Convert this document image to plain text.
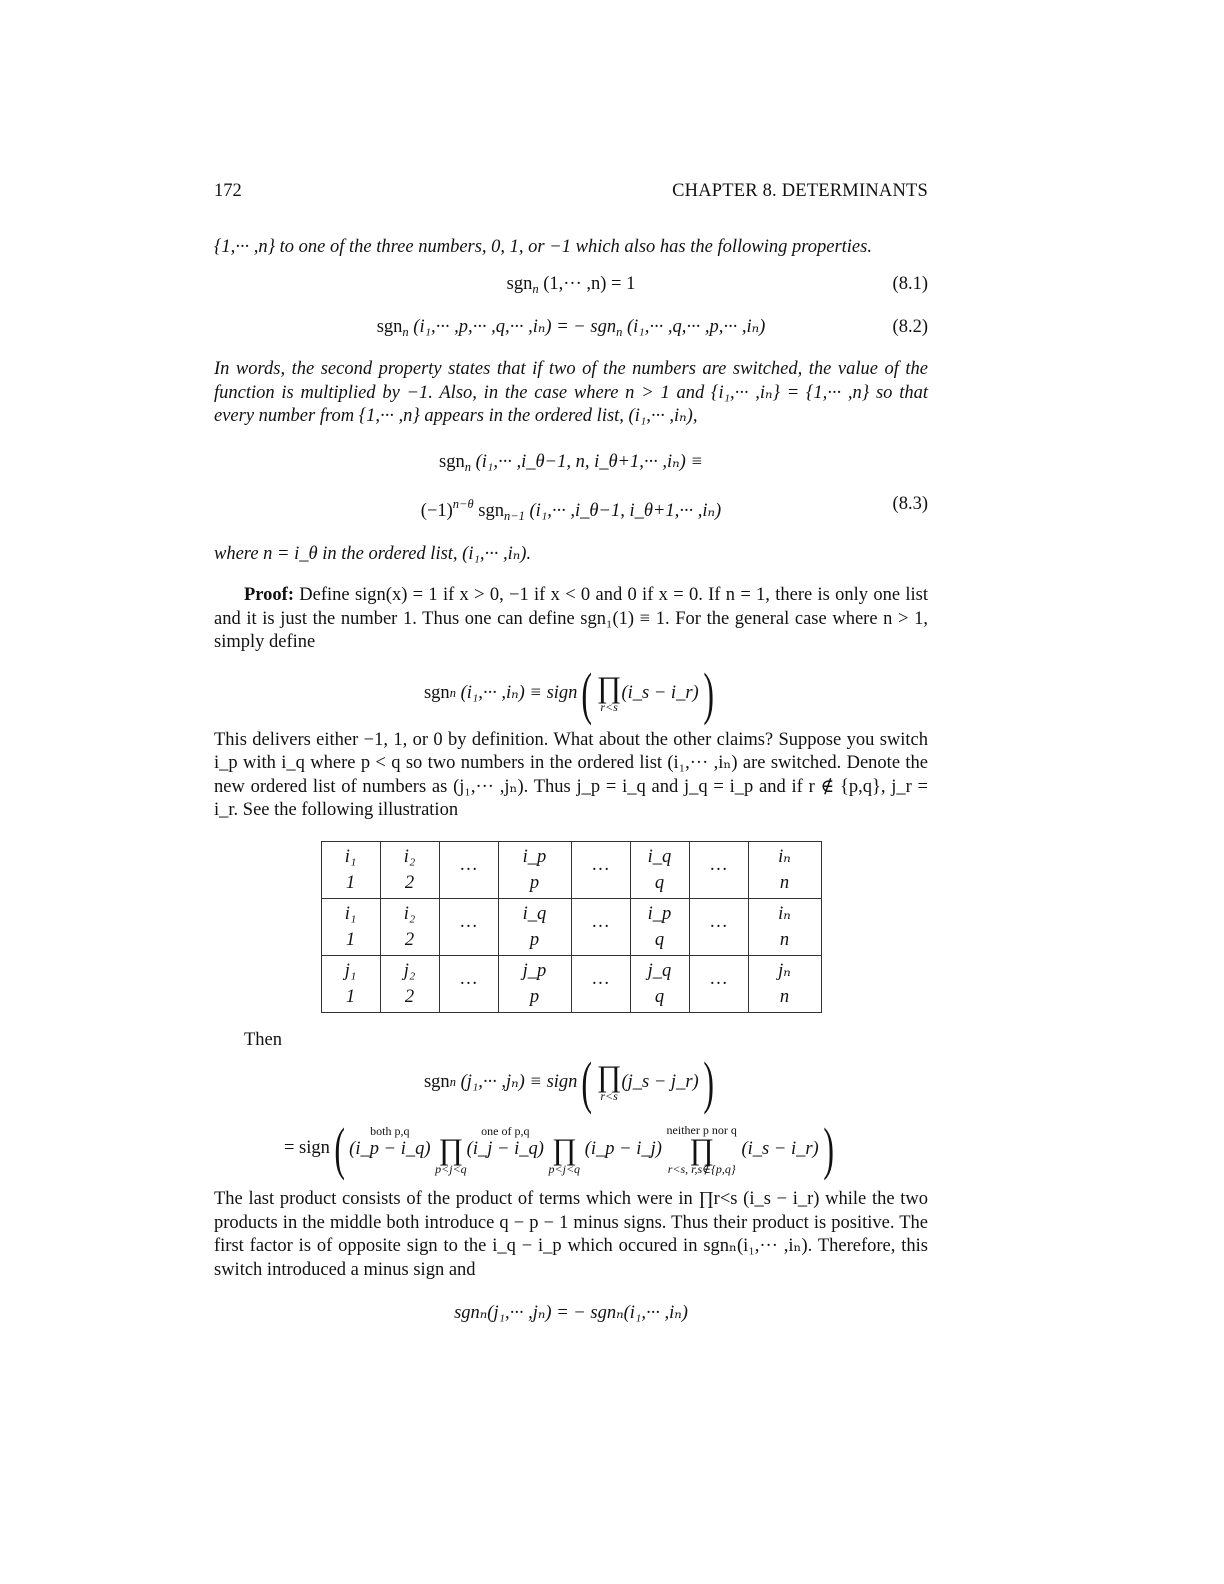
172	CHAPTER 8. DETERMINANTS

{1,··· ,n} to one of the three numbers, 0, 1, or −1 which also has the following properties.

sgn$_n$ (1,··· ,n) = 1	(8.1)
sgn$_n$ (i₁,··· ,p,··· ,q,··· ,iₙ) = − sgn$_n$ (i₁,··· ,q,··· ,p,··· ,iₙ)	(8.2)

In words, the second property states that if two of the numbers are switched, the value of the function is multiplied by −1. Also, in the case where n > 1 and {i₁,··· ,iₙ} = {1,··· ,n} so that every number from {1,··· ,n} appears in the ordered list, (i₁,··· ,iₙ),

sgn$_n$ (i₁,··· ,i_θ−1, n, i_θ+1,··· ,iₙ) ≡
$(-1)^{n-\theta}$ sgn$_{n-1}$ (i₁,··· ,i_θ−1, i_θ+1,··· ,iₙ)	(8.3)

where n = i_θ in the ordered list, (i₁,··· ,iₙ).

Proof: Define sign(x) = 1 if x > 0, −1 if x < 0 and 0 if x = 0. If n = 1, there is only one list and it is just the number 1. Thus one can define sgn₁(1) ≡ 1. For the general case where n > 1, simply define

sgn n
(i₁,··· ,iₙ) ≡ sign ( ∏
r<s
(i_s − i_r) )

This delivers either −1, 1, or 0 by definition. What about the other claims? Suppose you switch i_p with i_q where p < q so two numbers in the ordered list (i₁,··· ,iₙ) are switched. Denote the new ordered list of numbers as (j₁,··· ,jₙ). Thus j_p = i_q and j_q = i_p and if r ∉ {p,q}, j_r = i_r. See the following illustration

i₁
1	i₂
2	···	i_p
p	···	i_q
q	···	iₙ
n

i₁
1	i₂
2	···	i_q
p	···	i_p
q	···	iₙ
n

j₁
1	j₂
2	···	j_p
p	···	j_q
q	···	jₙ
n

Then

sgn n
(j₁,··· ,jₙ) ≡ sign ( ∏
r<s
(j_s − j_r) )
= sign ( both p,q
(i_p − i_q)

∏
p<j<q
one of p,q
(i_j − i_q)

∏
p<j<q

(i_p − i_j)

neither p nor q
∏
r<s, r,s∉{p,q}

(i_s − i_r)
)

The last product consists of the product of terms which were in ∏r<s (i_s − i_r) while the two products in the middle both introduce q − p − 1 minus signs. Thus their product is positive. The first factor is of opposite sign to the i_q − i_p which occured in sgnₙ(i₁,··· ,iₙ). Therefore, this switch introduced a minus sign and

sgnₙ(j₁,··· ,jₙ) = − sgnₙ(i₁,··· ,iₙ)
